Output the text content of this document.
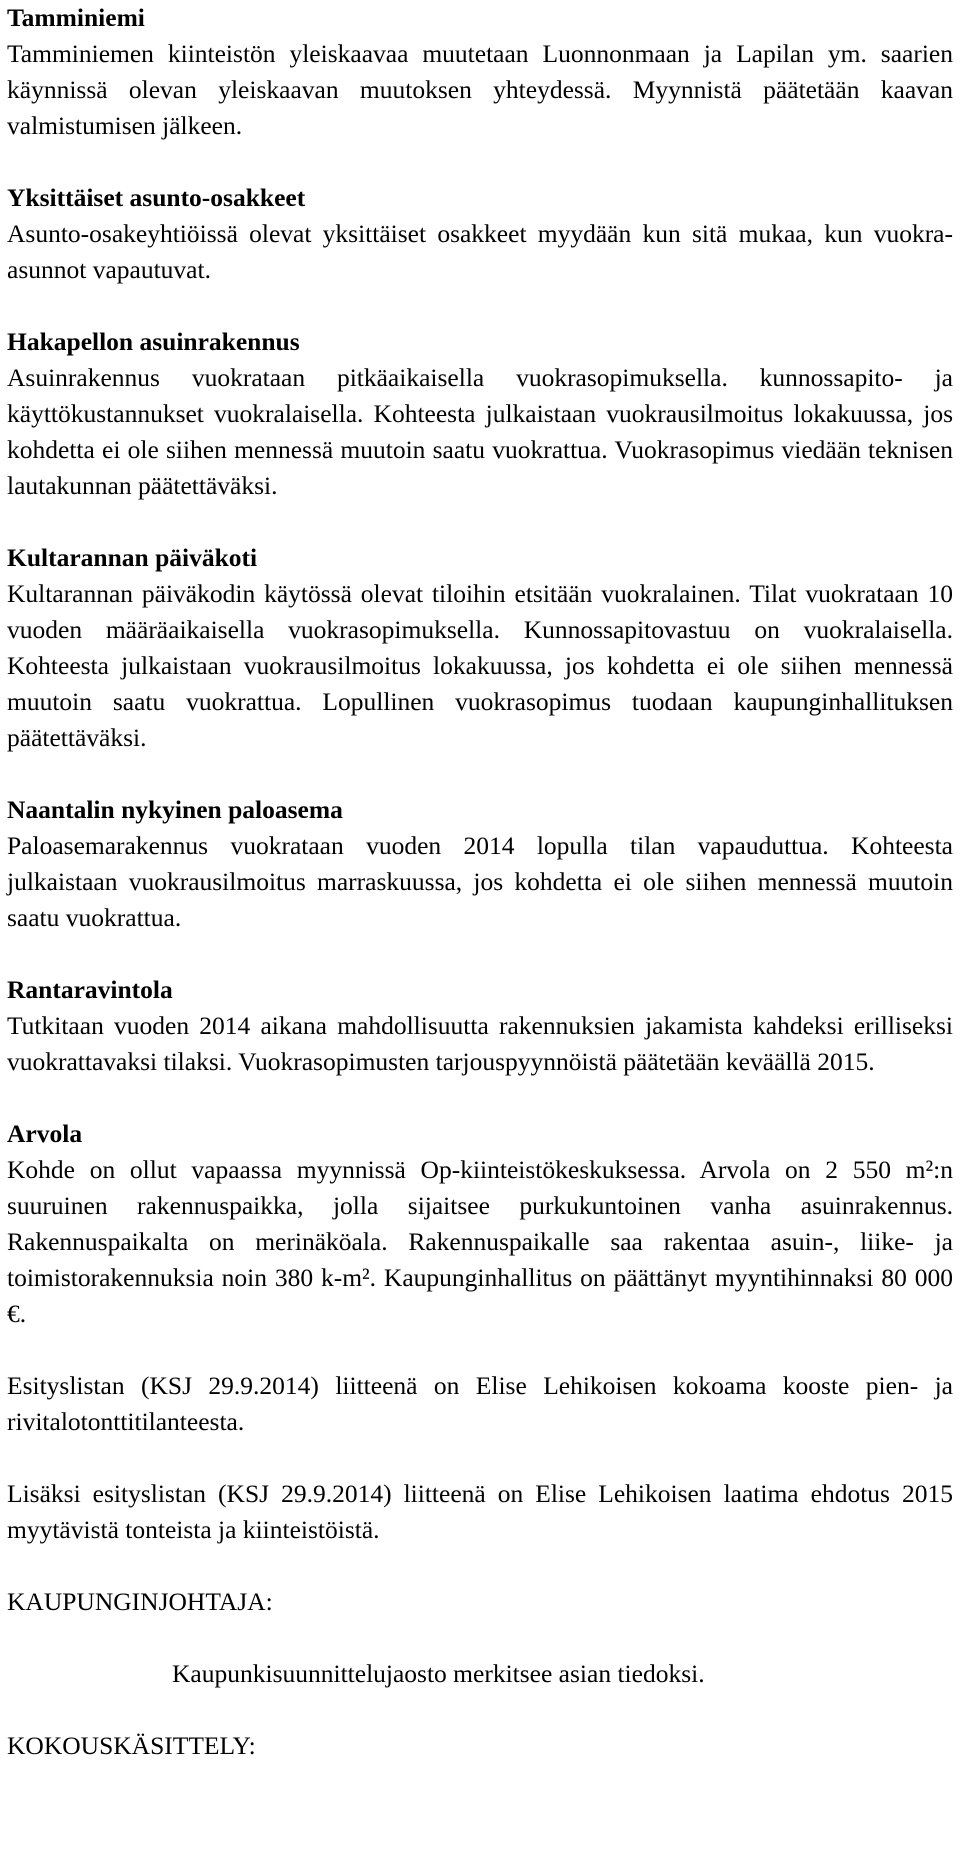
Tamminiemi
Tamminiemen kiinteistön yleiskaavaa muutetaan Luonnonmaan ja Lapilan ym. saarien käynnissä olevan yleiskaavan muutoksen yhteydessä. Myynnistä päätetään kaavan valmistumisen jälkeen.
Yksittäiset asunto-osakkeet
Asunto-osakeyhtiöissä olevat yksittäiset osakkeet myydään kun sitä mukaa, kun vuokra-asunnot vapautuvat.
Hakapellon asuinrakennus
Asuinrakennus vuokrataan pitkäaikaisella vuokrasopimuksella. kunnossapito- ja käyttökustannukset vuokralaisella. Kohteesta julkaistaan vuokrausilmoitus lokakuussa, jos kohdetta ei ole siihen mennessä muutoin saatu vuokrattua. Vuokrasopimus viedään teknisen lautakunnan päätettäväksi.
Kultarannan päiväkoti
Kultarannan päiväkodin käytössä olevat tiloihin etsitään vuokralainen. Tilat vuokrataan 10 vuoden määräaikaisella vuokrasopimuksella. Kunnossapitovastuu on vuokralaisella. Kohteesta julkaistaan vuokrausilmoitus lokakuussa, jos kohdetta ei ole siihen mennessä muutoin saatu vuokrattua. Lopullinen vuokrasopimus tuodaan kaupunginhallituksen päätettäväksi.
Naantalin nykyinen paloasema
Paloasemarakennus vuokrataan vuoden 2014 lopulla tilan vapauduttua. Kohteesta julkaistaan vuokrausilmoitus marraskuussa, jos kohdetta ei ole siihen mennessä muutoin saatu vuokrattua.
Rantaravintola
Tutkitaan vuoden 2014 aikana mahdollisuutta rakennuksien jakamista kahdeksi erilliseksi vuokrattavaksi tilaksi. Vuokrasopimusten tarjouspyynnöistä päätetään keväällä 2015.
Arvola
Kohde on ollut vapaassa myynnissä Op-kiinteistökeskuksessa. Arvola on 2 550 m²:n suuruinen rakennuspaikka, jolla sijaitsee purkukuntoinen vanha asuinrakennus. Rakennuspaikalta on merinäköala. Rakennuspaikalle saa rakentaa asuin-, liike- ja toimistorakennuksia noin 380 k-m². Kaupunginhallitus on päättänyt myyntihinnaksi 80 000 €.
Esityslistan (KSJ 29.9.2014) liitteenä on Elise Lehikoisen kokoama kooste pien- ja rivitalotonttitilanteesta.
Lisäksi esityslistan (KSJ 29.9.2014) liitteenä on Elise Lehikoisen laatima ehdotus 2015 myytävistä tonteista ja kiinteistöistä.
KAUPUNGINJOHTAJA:
Kaupunkisuunnittelujaosto merkitsee asian tiedoksi.
KOKOUSKÄSITTELY:
